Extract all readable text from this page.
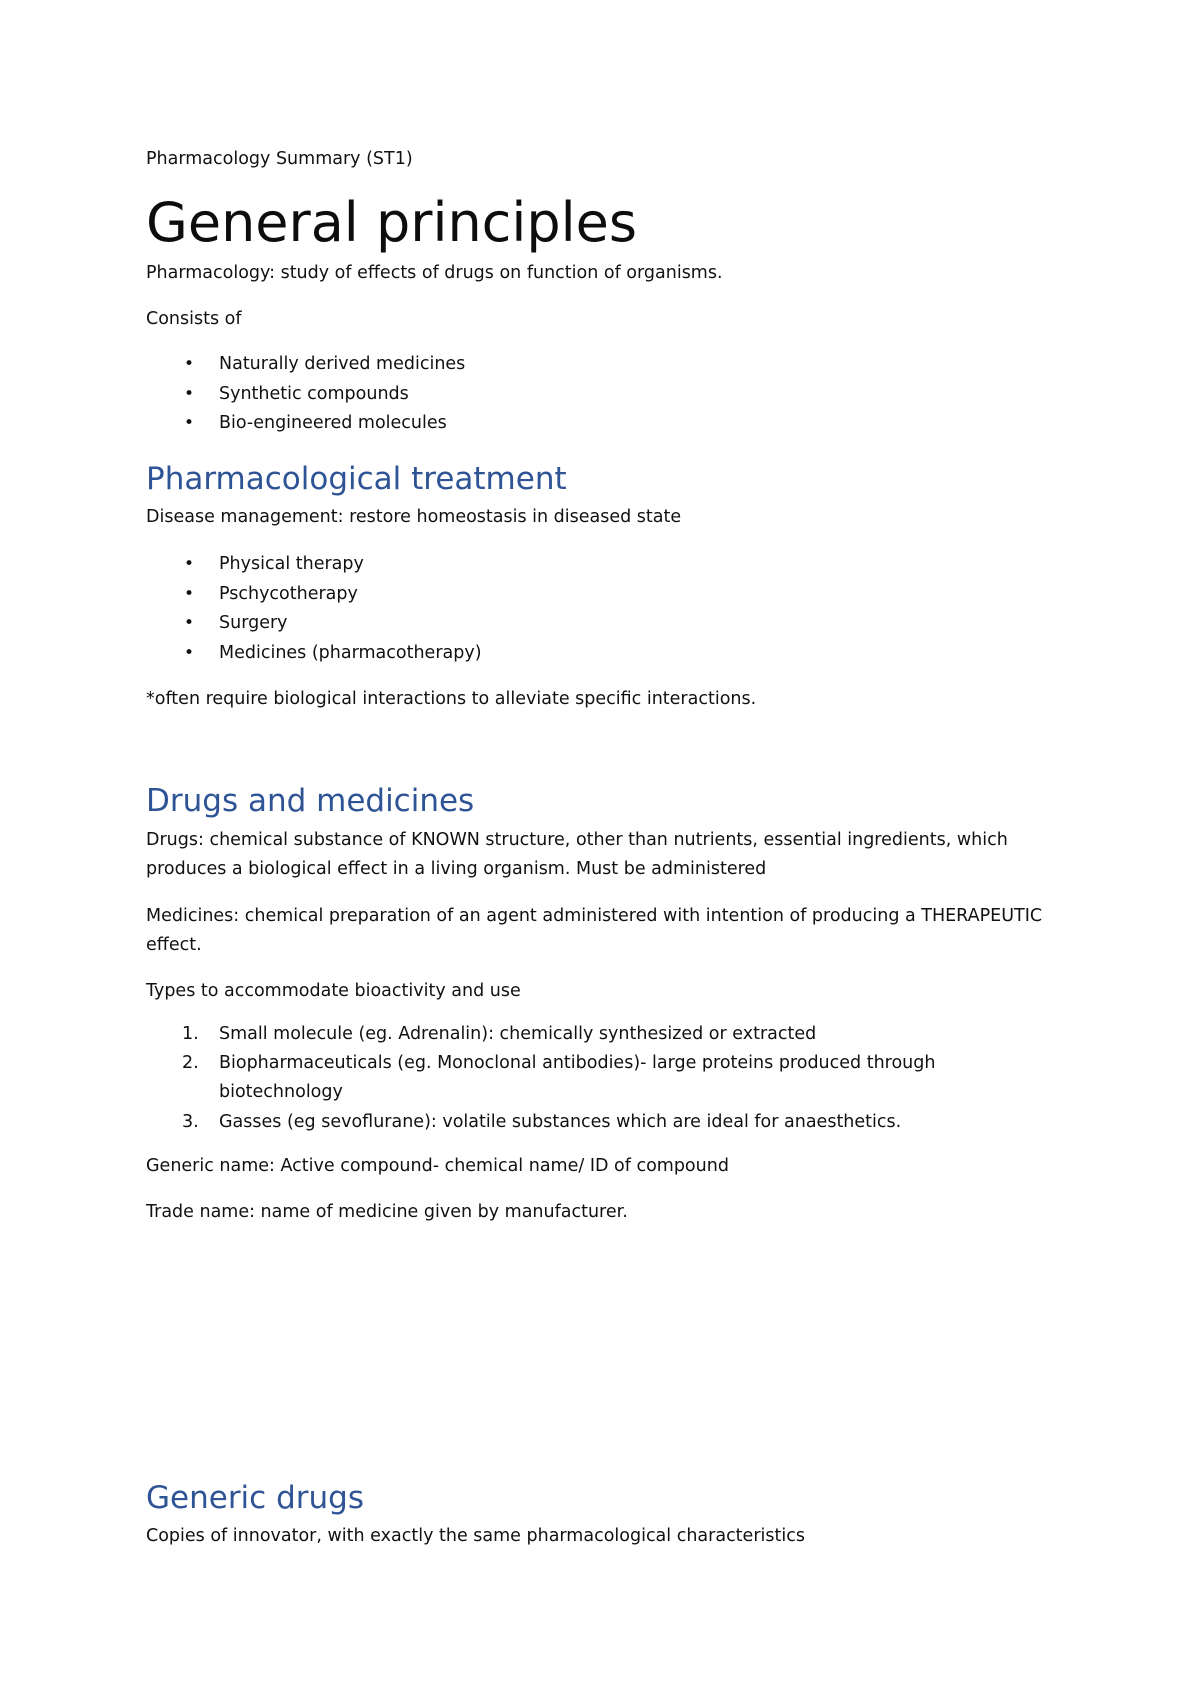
Pharmacology Summary (ST1)

General principles

Pharmacology: study of effects of drugs on function of organisms.

Consists of

•	Naturally derived medicines
•	Synthetic compounds
•	Bio-engineered molecules
Pharmacological treatment

Disease management: restore homeostasis in diseased state

•	Physical therapy
•	Pschycotherapy
•	Surgery
•	Medicines (pharmacotherapy)

*often require biological interactions to alleviate specific interactions.

Drugs and medicines

Drugs: chemical substance of KNOWN structure, other than nutrients, essential ingredients, which produces a biological effect in a living organism. Must be administered

Medicines: chemical preparation of an agent administered with intention of producing a THERAPEUTIC effect.

Types to accommodate bioactivity and use

1.	Small molecule (eg. Adrenalin): chemically synthesized or extracted
2.	Biopharmaceuticals (eg. Monoclonal antibodies)- large proteins produced through biotechnology
3.	Gasses (eg sevoflurane): volatile substances which are ideal for anaesthetics.

Generic name: Active compound- chemical name/ ID of compound

Trade name: name of medicine given by manufacturer.

Generic drugs

Copies of innovator, with exactly the same pharmacological characteristics
